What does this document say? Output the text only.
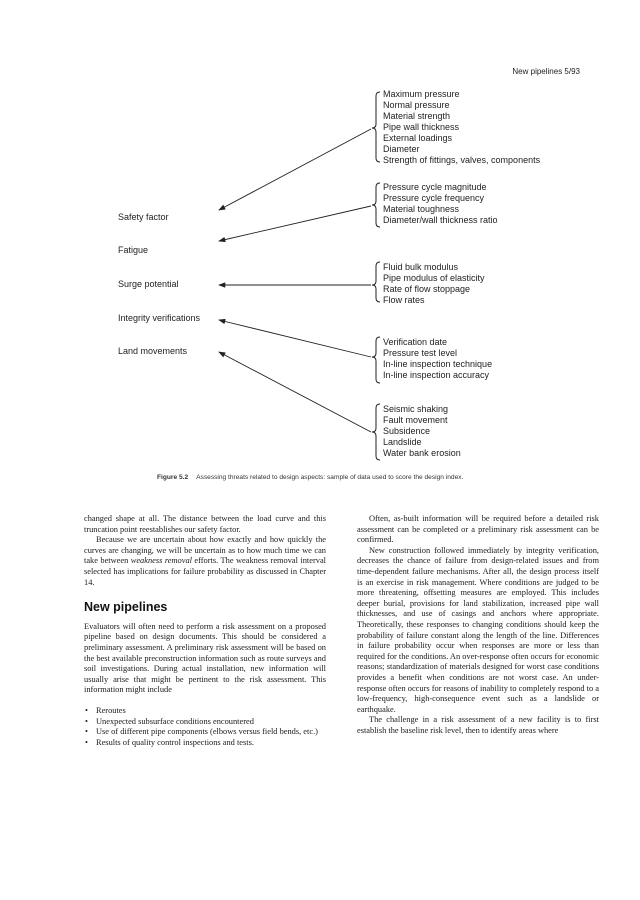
New pipelines 5/93
Safety factor
Fatigue
Surge potential
Integrity verifications
Land movements
Maximum pressure
Normal pressure
Material strength
Pipe wall thickness
External loadings
Diameter
Strength of fittings, valves, components
Pressure cycle magnitude
Pressure cycle frequency
Material toughness
Diameter/wall thickness ratio
Fluid bulk modulus
Pipe modulus of elasticity
Rate of flow stoppage
Flow rates
Verification date
Pressure test level
In-line inspection technique
In-line inspection accuracy
Seismic shaking
Fault movement
Subsidence
Landslide
Water bank erosion
Figure 5.2 Assessing threats related to design aspects: sample of data used to score the design index.

changed shape at all. The distance between the load curve and this truncation point reestablishes our safety factor.

Because we are uncertain about how exactly and how quickly the curves are changing, we will be uncertain as to how much time we can take between weakness removal efforts. The weakness removal interval selected has implications for failure probability as discussed in Chapter 14.

New pipelines

Evaluators will often need to perform a risk assessment on a proposed pipeline based on design documents. This should be considered a preliminary assessment. A preliminary risk assessment will be based on the best available preconstruction information such as route surveys and soil investigations. During actual installation, new information will usually arise that might be pertinent to the risk assessment. This information might include

• Reroutes
• Unexpected subsurface conditions encountered
• Use of different pipe components (elbows versus field bends, etc.)
• Results of quality control inspections and tests.

Often, as-built information will be required before a detailed risk assessment can be completed or a preliminary risk assessment can be confirmed.

New construction followed immediately by integrity verification, decreases the chance of failure from design-related issues and from time-dependent failure mechanisms. After all, the design process itself is an exercise in risk management. Where conditions are judged to be more threatening, offsetting measures are employed. This includes deeper burial, provisions for land stabilization, increased pipe wall thicknesses, and use of casings and anchors where appropriate. Theoretically, these responses to changing conditions should keep the probability of failure constant along the length of the line. Differences in failure probability occur when responses are more or less than required for the conditions. An over-response often occurs for economic reasons; standardization of materials designed for worst case conditions provides a benefit when conditions are not worst case. An under-response often occurs for reasons of inability to completely respond to a low-frequency, high-consequence event such as a landslide or earthquake.

The challenge in a risk assessment of a new facility is to first establish the baseline risk level, then to identify areas where
